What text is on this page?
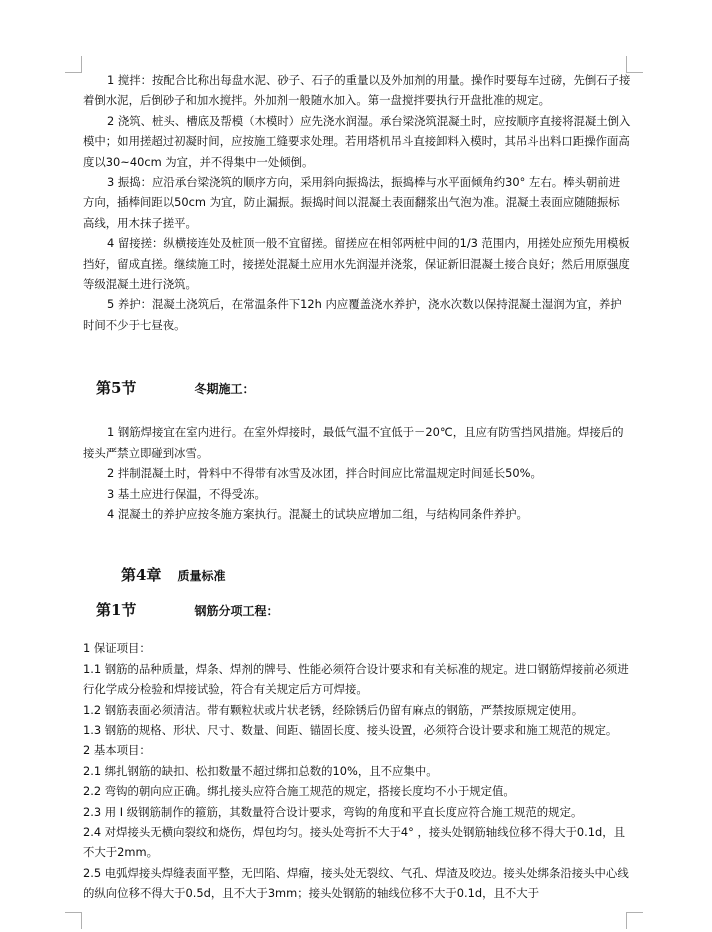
1 搅拌：按配合比称出每盘水泥、砂子、石子的重量以及外加剂的用量。操作时要每车过磅，先倒石子接着倒水泥，后倒砂子和加水搅拌。外加剂一般随水加入。第一盘搅拌要执行开盘批准的规定。

2 浇筑、桩头、槽底及帮模（木模时）应先浇水润湿。承台梁浇筑混凝土时，应按顺序直接将混凝土倒入模中；如用搓超过初凝时间，应按施工缝要求处理。若用塔机吊斗直接卸料入模时，其吊斗出料口距操作面高度以30~40cm 为宜，并不得集中一处倾倒。

3 振捣：应沿承台梁浇筑的顺序方向，采用斜向振捣法，振捣棒与水平面倾角约30° 左右。棒头朝前进方向，插棒间距以50cm 为宜，防止漏振。振捣时间以混凝土表面翻浆出气泡为准。混凝土表面应随随振标高线，用木抹子搓平。

4 留接搓：纵横接连处及桩顶一般不宜留搓。留搓应在相邻两桩中间的1/3 范围内，用搓处应预先用模板挡好，留成直搓。继续施工时，接搓处混凝土应用水先润湿并浇浆，保证新旧混凝土接合良好；然后用原强度等级混凝土进行浇筑。

5 养护：混凝土浇筑后，在常温条件下12h 内应覆盖浇水养护，浇水次数以保持混凝土湿润为宜，养护时间不少于七昼夜。

第5节	冬期施工：

1 钢筋焊接宜在室内进行。在室外焊接时，最低气温不宜低于－20℃，且应有防雪挡风措施。焊接后的接头严禁立即碰到冰雪。

2 拌制混凝土时，骨料中不得带有冰雪及冰团，拌合时间应比常温规定时间延长50%。

3 基土应进行保温，不得受冻。

4 混凝土的养护应按冬施方案执行。混凝土的试块应增加二组，与结构同条件养护。

第4章 质量标准
第1节	钢筋分项工程：

1 保证项目：

1.1 钢筋的品种质量，焊条、焊剂的牌号、性能必须符合设计要求和有关标准的规定。进口钢筋焊接前必须进行化学成分检验和焊接试验，符合有关规定后方可焊接。

1.2 钢筋表面必须清洁。带有颗粒状或片状老锈，经除锈后仍留有麻点的钢筋，严禁按原规定使用。

1.3 钢筋的规格、形状、尺寸、数量、间距、锚固长度、接头设置，必须符合设计要求和施工规范的规定。

2 基本项目：

2.1 绑扎钢筋的缺扣、松扣数量不超过绑扣总数的10%，且不应集中。

2.2 弯钩的朝向应正确。绑扎接头应符合施工规范的规定，搭接长度均不小于规定值。

2.3 用 I 级钢筋制作的箍筋，其数量符合设计要求，弯钩的角度和平直长度应符合施工规范的规定。

2.4 对焊接头无横向裂纹和烧伤，焊包均匀。接头处弯折不大于4° ，接头处钢筋轴线位移不得大于0.1d，且不大于2mm。

2.5 电弧焊接头焊缝表面平整，无凹陷、焊瘤，接头处无裂纹、气孔、焊渣及咬边。接头处绑条沿接头中心线的纵向位移不得大于0.5d，且不大于3mm；接头处钢筋的轴线位移不大于0.1d，且不大于
